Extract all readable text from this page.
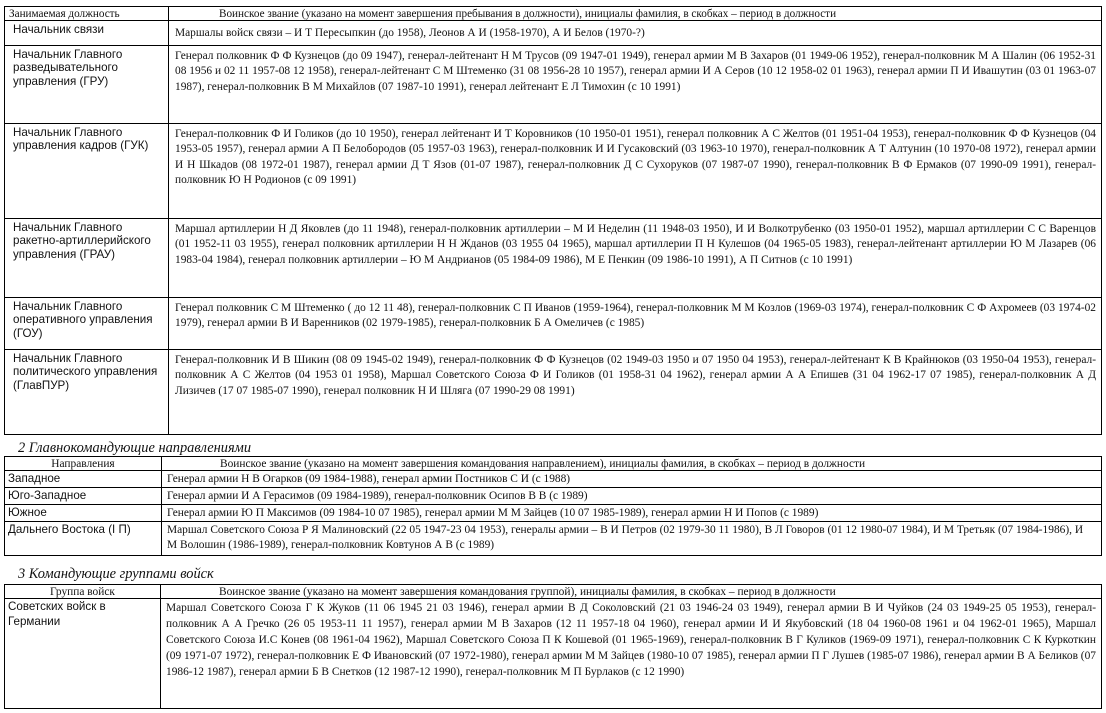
Занимаемая должность	Воинское звание (указано на момент завершения пребывания в должности), инициалы фамилия, в скобках – период в должности
Начальник связи	Маршалы войск связи – И Т Пересыпкин (до 1958), Леонов А И (1958-1970), А И Белов (1970-?)
Начальник Главного разведывательного управления (ГРУ)	Генерал полковник Ф Ф Кузнецов (до 09 1947), генерал-лейтенант Н М Трусов (09 1947-01 1949), генерал армии М В Захаров (01 1949-06 1952), генерал-полковник М А Шалин (06 1952-31 08 1956 и 02 11 1957-08 12 1958), генерал-лейтенант С М Штеменко (31 08 1956-28 10 1957), генерал армии И А Серов (10 12 1958-02 01 1963), генерал армии П И Ивашутин (03 01 1963-07 1987), генерал-полковник В М Михайлов (07 1987-10 1991), генерал лейтенант Е Л Тимохин (с 10 1991)
Начальник Главного управления кадров (ГУК)	Генерал-полковник Ф И Голиков (до 10 1950), генерал лейтенант И Т Коровников (10 1950-01 1951), генерал полковник А С Желтов (01 1951-04 1953), генерал-полковник Ф Ф Кузнецов (04 1953-05 1957), генерал армии А П Белобородов (05 1957-03 1963), генерал-полковник И И Гусаковский (03 1963-10 1970), генерал-полковник А Т Алтунин (10 1970-08 1972), генерал армии И Н Шкадов (08 1972-01 1987), генерал армии Д Т Язов (01-07 1987), генерал-полковник Д С Сухоруков (07 1987-07 1990), генерал-полковник В Ф Ермаков (07 1990-09 1991), генерал-полковник Ю Н Родионов (с 09 1991)
Начальник Главного ракетно-артиллерийского управления (ГРАУ)	Маршал артиллерии Н Д Яковлев (до 11 1948), генерал-полковник артиллерии – М И Неделин (11 1948-03 1950), И И Волкотрубенко (03 1950-01 1952), маршал артиллерии С С Варенцов (01 1952-11 03 1955), генерал полковник артиллерии Н Н Жданов (03 1955 04 1965), маршал артиллерии П Н Кулешов (04 1965-05 1983), генерал-лейтенант артиллерии Ю М Лазарев (06 1983-04 1984), генерал полковник артиллерии – Ю М Андрианов (05 1984-09 1986), М Е Пенкин (09 1986-10 1991), А П Ситнов (с 10 1991)
Начальник Главного оперативного управления (ГОУ)	Генерал полковник С М Штеменко ( до 12 11 48), генерал-полковник С П Иванов (1959-1964), генерал-полковник М М Козлов (1969-03 1974), генерал-полковник С Ф Ахромеев (03 1974-02 1979), генерал армии В И Варенников (02 1979-1985), генерал-полковник Б А Омеличев (с 1985)
Начальник Главного политического управления (ГлавПУР)	Генерал-полковник И В Шикин (08 09 1945-02 1949), генерал-полковник Ф Ф Кузнецов (02 1949-03 1950 и 07 1950 04 1953), генерал-лейтенант К В Крайнюков (03 1950-04 1953), генерал-полковник А С Желтов (04 1953 01 1958), Маршал Советского Союза Ф И Голиков (01 1958-31 04 1962), генерал армии А А Епишев (31 04 1962-17 07 1985), генерал-полковник А Д Лизичев (17 07 1985-07 1990), генерал полковник Н И Шляга (07 1990-29 08 1991)
2 Главнокомандующие направлениями
Направления	Воинское звание (указано на момент завершения командования направлением), инициалы фамилия, в скобках – период в должности
Западное	Генерал армии Н В Огарков (09 1984-1988), генерал армии Постников С И (с 1988)
Юго-Западное	Генерал армии И А Герасимов (09 1984-1989), генерал-полковник Осипов В В (с 1989)
Южное	Генерал армии Ю П Максимов (09 1984-10 07 1985), генерал армии М М Зайцев (10 07 1985-1989), генерал армии Н И Попов (с 1989)
Дальнего Востока (I П)	Маршал Советского Союза Р Я Малиновский (22 05 1947-23 04 1953), генералы армии – В И Петров (02 1979-30 11 1980), В Л Говоров (01 12 1980-07 1984), И М Третьяк (07 1984-1986), И М Волошин (1986-1989), генерал-полковник Ковтунов А В (с 1989)
3 Командующие группами войск
Группа войск	Воинское звание (указано на момент завершения командования группой), инициалы фамилия, в скобках – период в должности
Советских войск в Германии	Маршал Советского Союза Г К Жуков (11 06 1945 21 03 1946), генерал армии В Д Соколовский (21 03 1946-24 03 1949), генерал армии В И Чуйков (24 03 1949-25 05 1953), генерал-полковник А А Гречко (26 05 1953-11 11 1957), генерал армии М В Захаров (12 11 1957-18 04 1960), генерал армии И И Якубовский (18 04 1960-08 1961 и 04 1962-01 1965), Маршал Советского Союза И.С Конев (08 1961-04 1962), Маршал Советского Союза П К Кошевой (01 1965-1969), генерал-полковник В Г Куликов (1969-09 1971), генерал-полковник С К Куркоткин (09 1971-07 1972), генерал-полковник Е Ф Ивановский (07 1972-1980), генерал армии М М Зайцев (1980-10 07 1985), генерал армии П Г Лушев (1985-07 1986), генерал армии В А Беликов (07 1986-12 1987), генерал армии Б В Снетков (12 1987-12 1990), генерал-полковник М П Бурлаков (с 12 1990)
